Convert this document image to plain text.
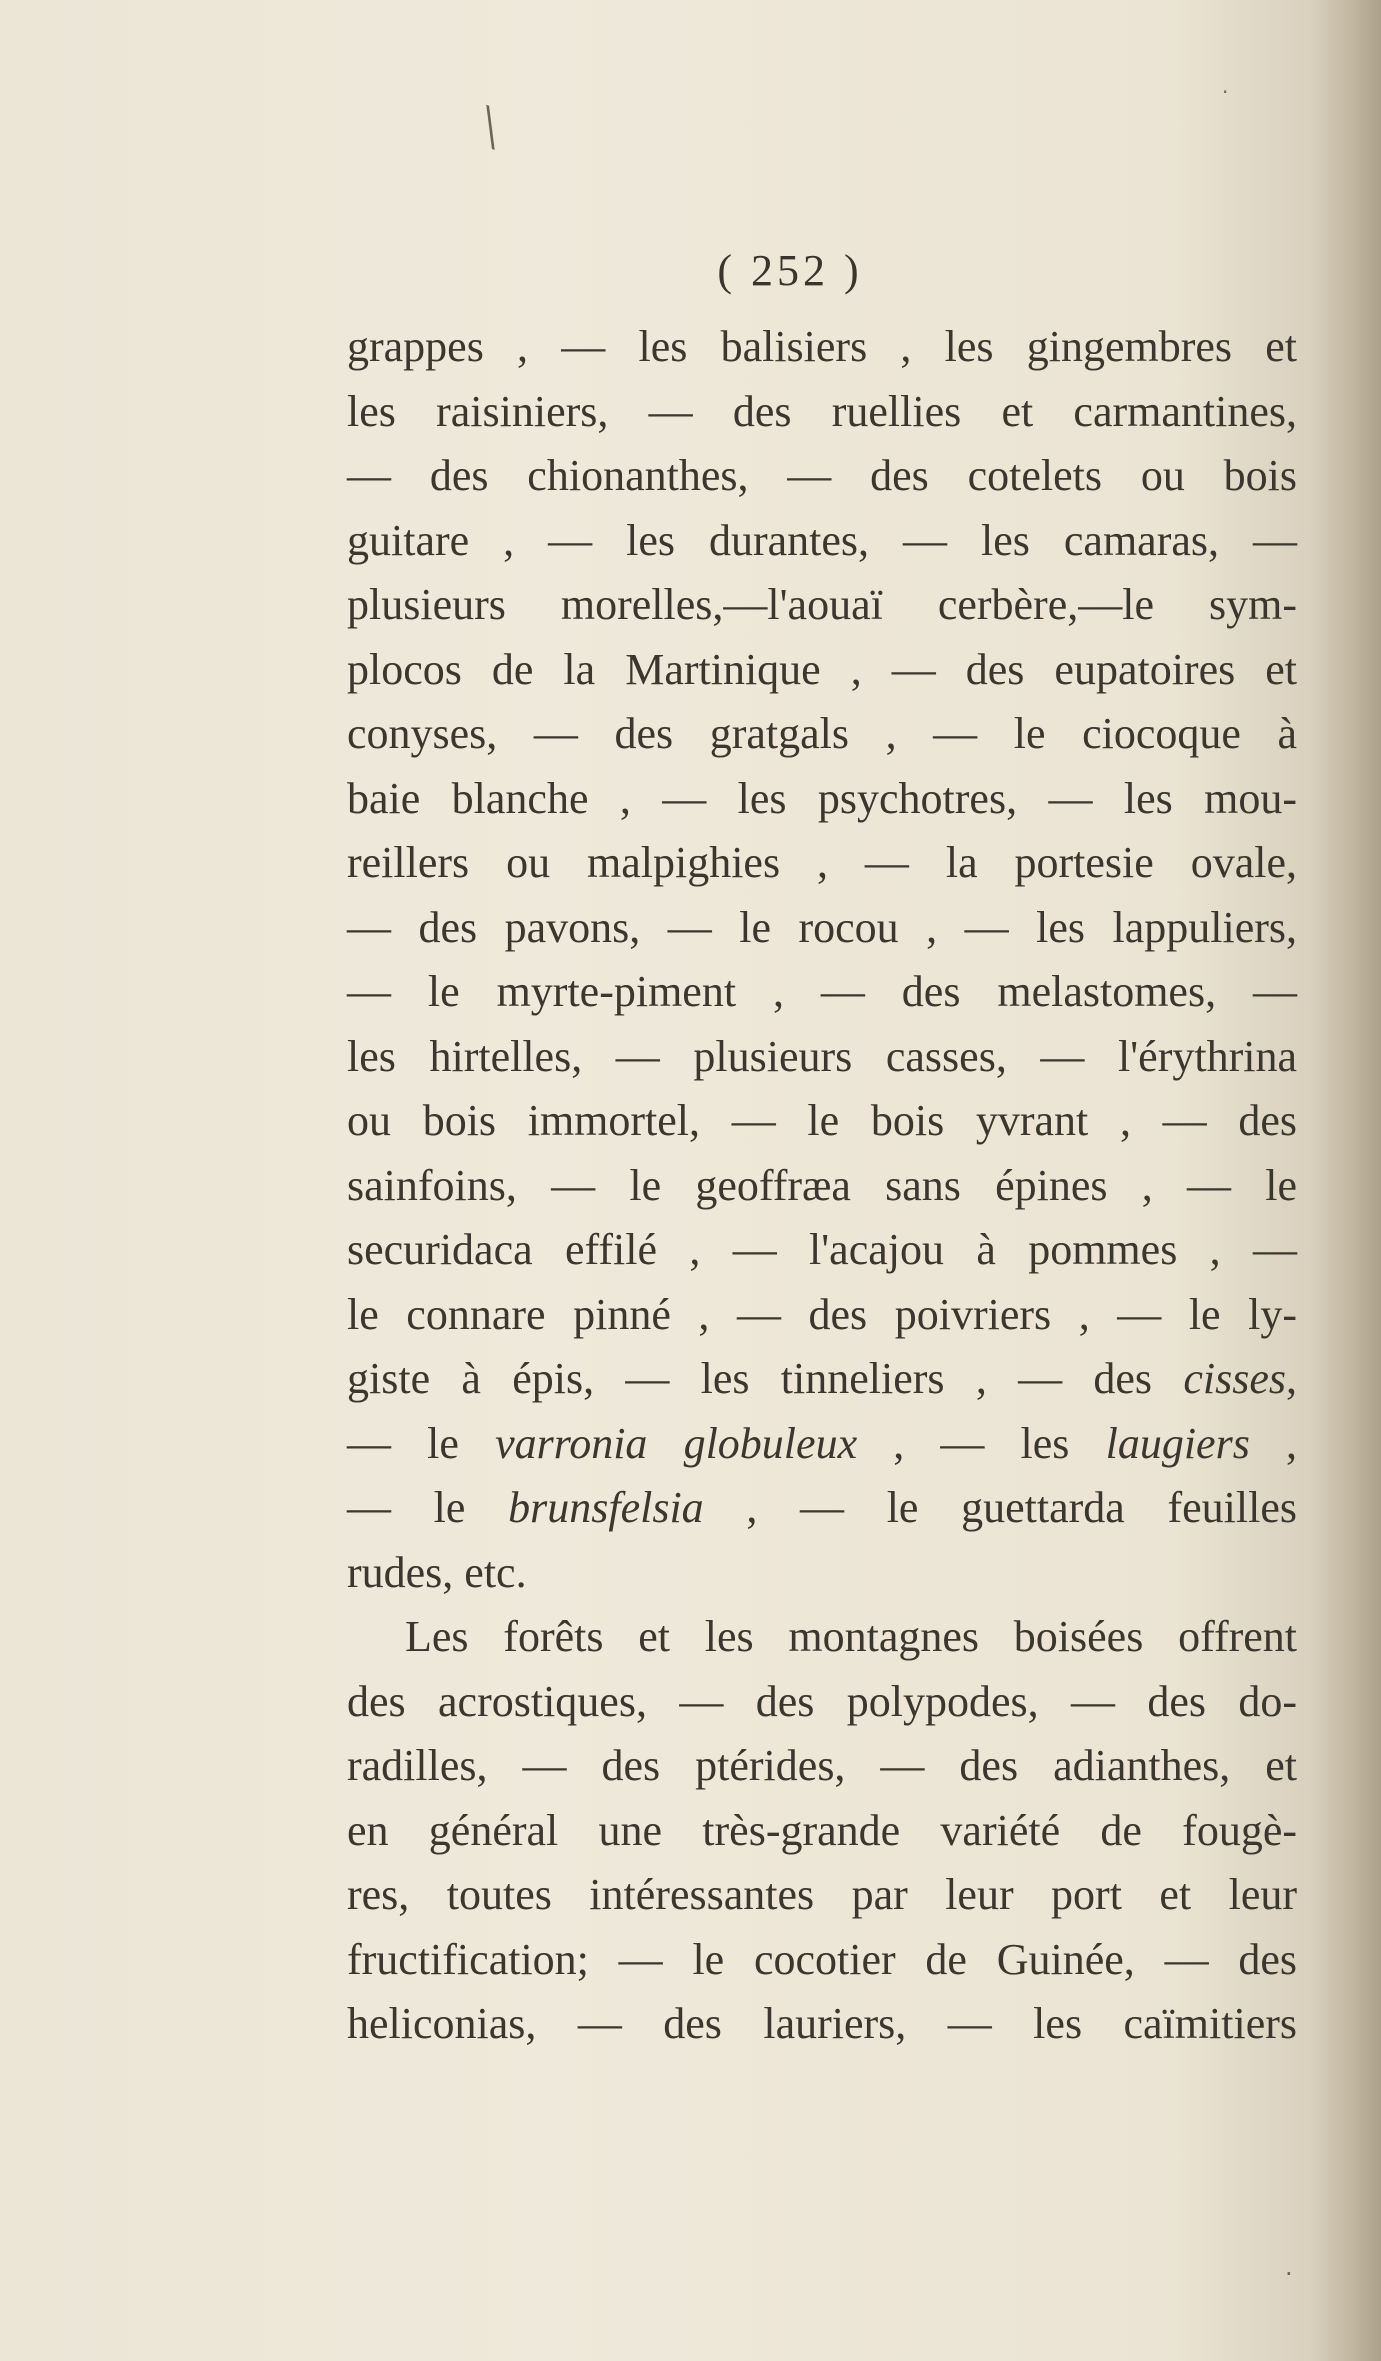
╲
·
·
( 252 )
grappes , — les balisiers , les gingembres et
les raisiniers, — des ruellies et carmantines,
— des chionanthes, — des cotelets ou bois
guitare , — les durantes, — les camaras, —
plusieurs morelles,—l'aouaï cerbère,—le sym-
plocos de la Martinique , — des eupatoires et
conyses, — des gratgals , — le ciocoque à
baie blanche , — les psychotres, — les mou-
reillers ou malpighies , — la portesie ovale,
— des pavons, — le rocou , — les lappuliers,
— le myrte-piment , — des melastomes, —
les hirtelles, — plusieurs casses, — l'érythrina
ou bois immortel, — le bois yvrant , — des
sainfoins, — le geoffræa sans épines , — le
securidaca effilé , — l'acajou à pommes , —
le connare pinné , — des poivriers , — le ly-
giste à épis, — les tinneliers , — des cisses,
— le varronia globuleux , — les laugiers ,
— le brunsfelsia , — le guettarda feuilles
rudes, etc.
Les forêts et les montagnes boisées offrent
des acrostiques, — des polypodes, — des do-
radilles, — des ptérides, — des adianthes, et
en général une très-grande variété de fougè-
res, toutes intéressantes par leur port et leur
fructification; — le cocotier de Guinée, — des
heliconias, — des lauriers, — les caïmitiers
